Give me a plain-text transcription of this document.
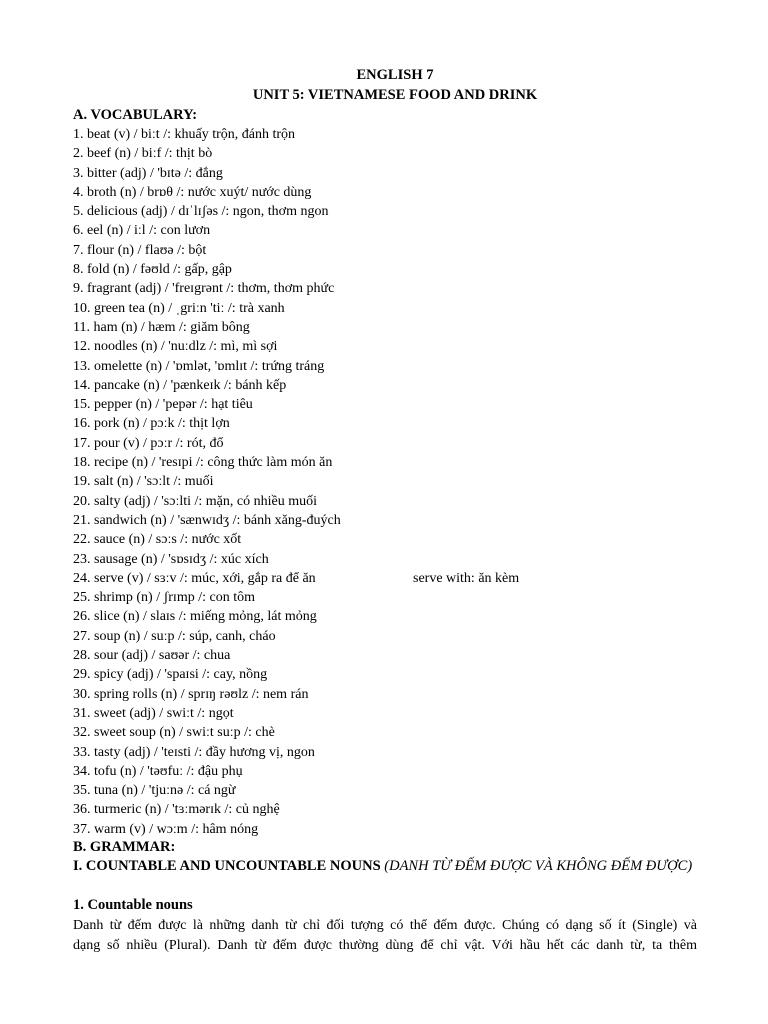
ENGLISH 7
UNIT 5: VIETNAMESE FOOD AND DRINK
A. VOCABULARY:
1. beat (v) / biːt /: khuấy trộn, đánh trộn
2. beef (n) / biːf /: thịt bò
3. bitter (adj) / 'bɪtə /: đắng
4. broth (n) / brɒθ /: nước xuýt/ nước dùng
5. delicious (adj) / dɪˈlɪʃəs /: ngon, thơm ngon
6. eel (n) / iːl /: con lươn
7. flour (n) / flaʊə /: bột
8. fold (n) / fəʊld /: gấp, gập
9. fragrant (adj) / 'freɪgrənt /: thơm, thơm phức
10. green tea (n) / ˌgriːn 'tiː /: trà xanh
11. ham (n) / hæm /: giăm bông
12. noodles (n) / 'nuːdlz /: mì, mì sợi
13. omelette (n) / 'ɒmlət, 'ɒmlɪt /: trứng tráng
14. pancake (n) / 'pænkeɪk /: bánh kếp
15. pepper (n) / 'pepər /: hạt tiêu
16. pork (n) / pɔːk /: thịt lợn
17. pour (v) / pɔːr /: rót, đổ
18. recipe (n) / 'resɪpi /: công thức làm món ăn
19. salt (n) / 'sɔːlt /: muối
20. salty (adj) / 'sɔːlti /: mặn, có nhiều muối
21. sandwich (n) / 'sænwɪdʒ /: bánh xăng-đuých
22. sauce (n) / sɔːs /: nước xốt
23. sausage (n) / 'sɒsɪdʒ /: xúc xích
24. serve (v) / sɜːv /: múc, xới, gắp ra để ăn	serve with: ăn kèm
25. shrimp (n) / ʃrɪmp /: con tôm
26. slice (n) / slaɪs /: miếng mỏng, lát mỏng
27. soup (n) / suːp /: súp, canh, cháo
28. sour (adj) / saʊər /: chua
29. spicy (adj) / 'spaɪsi /: cay, nồng
30. spring rolls (n) / sprɪŋ rəʊlz /: nem rán
31. sweet (adj) / swiːt /: ngọt
32. sweet soup (n) / swiːt suːp /: chè
33. tasty (adj) / 'teɪsti /: đầy hương vị, ngon
34. tofu (n) / 'təʊfuː /: đậu phụ
35. tuna (n) / 'tjuːnə /: cá ngừ
36. turmeric (n) / 'tɜːmərɪk /: củ nghệ
37. warm (v) / wɔːm /: hâm nóng
B. GRAMMAR:
I. COUNTABLE AND UNCOUNTABLE NOUNS (DANH TỪ ĐẾM ĐƯỢC VÀ KHÔNG ĐẾM ĐƯỢC)
1. Countable nouns
Danh từ đếm được là những danh từ chỉ đối tượng có thể đếm được. Chúng có dạng số ít (Single) và
dạng số nhiều (Plural). Danh từ đếm được thường dùng để chỉ vật. Với hầu hết các danh từ, ta thêm
